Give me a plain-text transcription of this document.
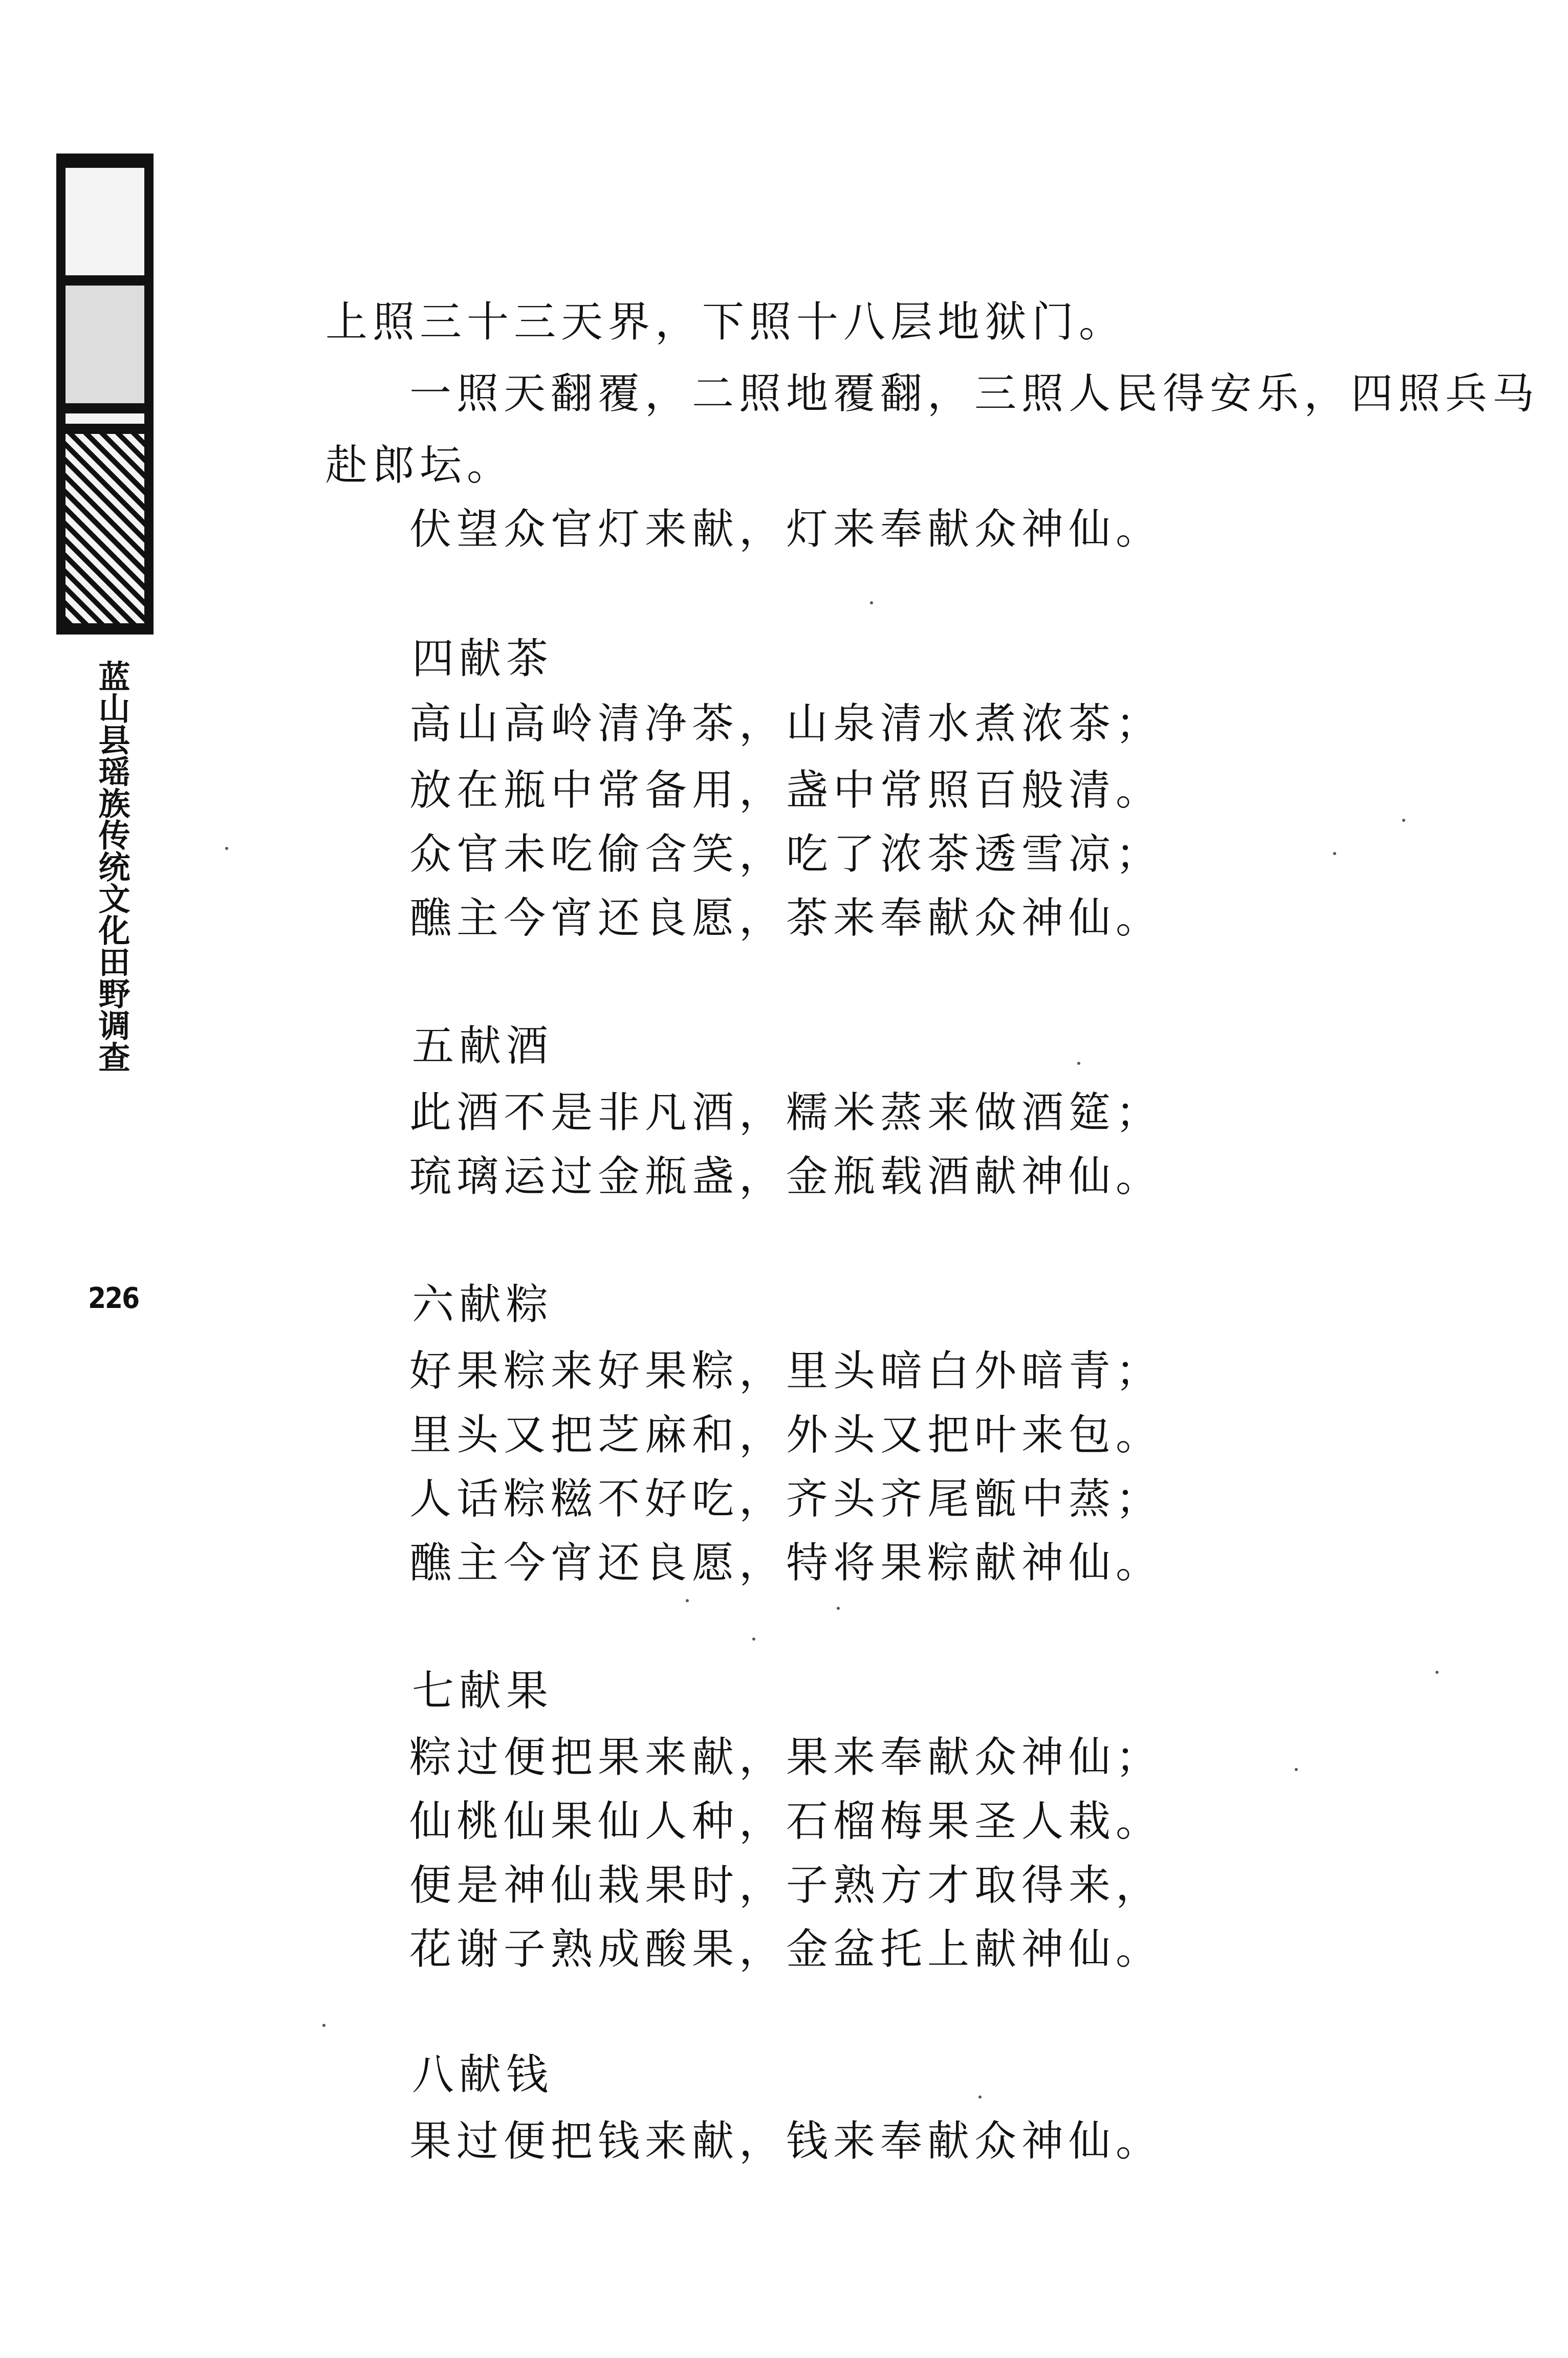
蓝山县瑶族传统文化田野调查
226
上照三十三天界，下照十八层地狱门。
一照天翻覆，二照地覆翻，三照人民得安乐，四照兵马
赴郎坛。
伏望众官灯来献，灯来奉献众神仙。
四献茶
高山高岭清净茶，山泉清水煮浓茶；
放在瓶中常备用，盏中常照百般清。
众官未吃偷含笑，吃了浓茶透雪凉；
醮主今宵还良愿，茶来奉献众神仙。
五献酒
此酒不是非凡酒，糯米蒸来做酒筵；
琉璃运过金瓶盏，金瓶载酒献神仙。
六献粽
好果粽来好果粽，里头暗白外暗青；
里头又把芝麻和，外头又把叶来包。
人话粽糍不好吃，齐头齐尾甑中蒸；
醮主今宵还良愿，特将果粽献神仙。
七献果
粽过便把果来献，果来奉献众神仙；
仙桃仙果仙人种，石榴梅果圣人栽。
便是神仙栽果时，子熟方才取得来，
花谢子熟成酸果，金盆托上献神仙。
八献钱
果过便把钱来献，钱来奉献众神仙。
